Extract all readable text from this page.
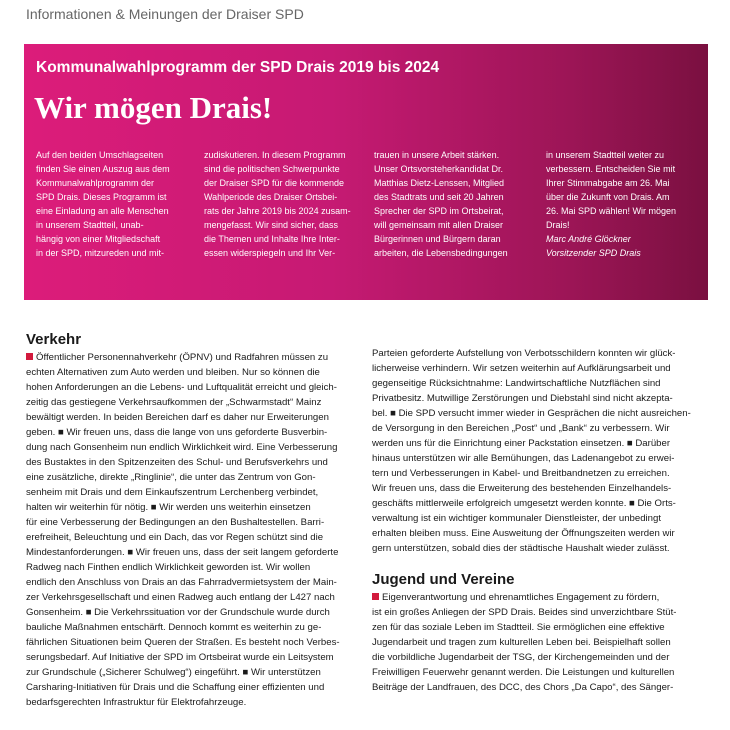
Informationen & Meinungen der Draiser SPD
Kommunalwahlprogramm der SPD Drais 2019 bis 2024
Wir mögen Drais!
Auf den beiden Umschlagseiten
finden Sie einen Auszug aus dem
Kommunalwahlprogramm der
SPD Drais. Dieses Programm ist
eine Einladung an alle Menschen
in unserem Stadtteil, unab-
hängig von einer Mitgliedschaft
in der SPD, mitzureden und mit-
zudiskutieren. In diesem Programm
sind die politischen Schwerpunkte
der Draiser SPD für die kommende
Wahlperiode des Draiser Ortsbei-
rats der Jahre 2019 bis 2024 zusam-
mengefasst. Wir sind sicher, dass
die Themen und Inhalte Ihre Inter-
essen widerspiegeln und Ihr Ver-
trauen in unsere Arbeit stärken.
Unser Ortsvorsteherkandidat Dr.
Matthias Dietz-Lenssen, Mitglied
des Stadtrats und seit 20 Jahren
Sprecher der SPD im Ortsbeirat,
will gemeinsam mit allen Draiser
Bürgerinnen und Bürgern daran
arbeiten, die Lebensbedingungen
in unserem Stadtteil weiter zu
verbessern. Entscheiden Sie mit
Ihrer Stimmabgabe am 26. Mai
über die Zukunft von Drais. Am
26. Mai SPD wählen! Wir mögen
Drais!
Marc André Glöckner
Vorsitzender SPD Drais
Verkehr
Öffentlicher Personennahverkehr (ÖPNV) und Radfahren müssen zu
echten Alternativen zum Auto werden und bleiben. Nur so können die
hohen Anforderungen an die Lebens- und Luftqualität erreicht und gleich-
zeitig das gestiegene Verkehrsaufkommen der „Schwarmstadt“ Mainz
bewältigt werden. In beiden Bereichen darf es daher nur Erweiterungen
geben. ■ Wir freuen uns, dass die lange von uns geforderte Busverbin-
dung nach Gonsenheim nun endlich Wirklichkeit wird. Eine Verbesserung
des Bustaktes in den Spitzenzeiten des Schul- und Berufsverkehrs und
eine zusätzliche, direkte „Ringlinie“, die unter das Zentrum von Gon-
senheim mit Drais und dem Einkaufszentrum Lerchenberg verbindet,
halten wir weiterhin für nötig. ■ Wir werden uns weiterhin einsetzen
für eine Verbesserung der Bedingungen an den Bushaltestellen. Barri-
erefreiheit, Beleuchtung und ein Dach, das vor Regen schützt sind die
Mindestanforderungen. ■ Wir freuen uns, dass der seit langem geforderte
Radweg nach Finthen endlich Wirklichkeit geworden ist. Wir wollen
endlich den Anschluss von Drais an das Fahrradvermietsystem der Main-
zer Verkehrsgesellschaft und einen Radweg auch entlang der L427 nach
Gonsenheim. ■ Die Verkehrssituation vor der Grundschule wurde durch
bauliche Maßnahmen entschärft. Dennoch kommt es weiterhin zu ge-
fährlichen Situationen beim Queren der Straßen. Es besteht noch Verbes-
serungsbedarf. Auf Initiative der SPD im Ortsbeirat wurde ein Leitsystem
zur Grundschule („Sicherer Schulweg“) eingeführt. ■ Wir unterstützen
Carsharing-Initiativen für Drais und die Schaffung einer effizienten und
bedarfsgerechten Infrastruktur für Elektrofahrzeuge.
Parteien geforderte Aufstellung von Verbotsschildern konnten wir glück-
licherweise verhindern. Wir setzen weiterhin auf Aufklärungsarbeit und
gegenseitige Rücksichtnahme: Landwirtschaftliche Nutzflächen sind
Privatbesitz. Mutwillige Zerstörungen und Diebstahl sind nicht akzepta-
bel. ■ Die SPD versucht immer wieder in Gesprächen die nicht ausreichen-
de Versorgung in den Bereichen „Post“ und „Bank“ zu verbessern. Wir
werden uns für die Einrichtung einer Packstation einsetzen. ■ Darüber
hinaus unterstützen wir alle Bemühungen, das Ladenangebot zu erwei-
tern und Verbesserungen in Kabel- und Breitbandnetzen zu erreichen.
Wir freuen uns, dass die Erweiterung des bestehenden Einzelhandels-
geschäfts mittlerweile erfolgreich umgesetzt werden konnte. ■ Die Orts-
verwaltung ist ein wichtiger kommunaler Dienstleister, der unbedingt
erhalten bleiben muss. Eine Ausweitung der Öffnungszeiten werden wir
gern unterstützen, sobald dies der städtische Haushalt wieder zulässt.
Jugend und Vereine
Eigenverantwortung und ehrenamtliches Engagement zu fördern,
ist ein großes Anliegen der SPD Drais. Beides sind unverzichtbare Stüt-
zen für das soziale Leben im Stadtteil. Sie ermöglichen eine effektive
Jugendarbeit und tragen zum kulturellen Leben bei. Beispielhaft sollen
die vorbildliche Jugendarbeit der TSG, der Kirchengemeinden und der
Freiwilligen Feuerwehr genannt werden. Die Leistungen und kulturellen
Beiträge der Landfrauen, des DCC, des Chors „Da Capo“, des Sänger-
